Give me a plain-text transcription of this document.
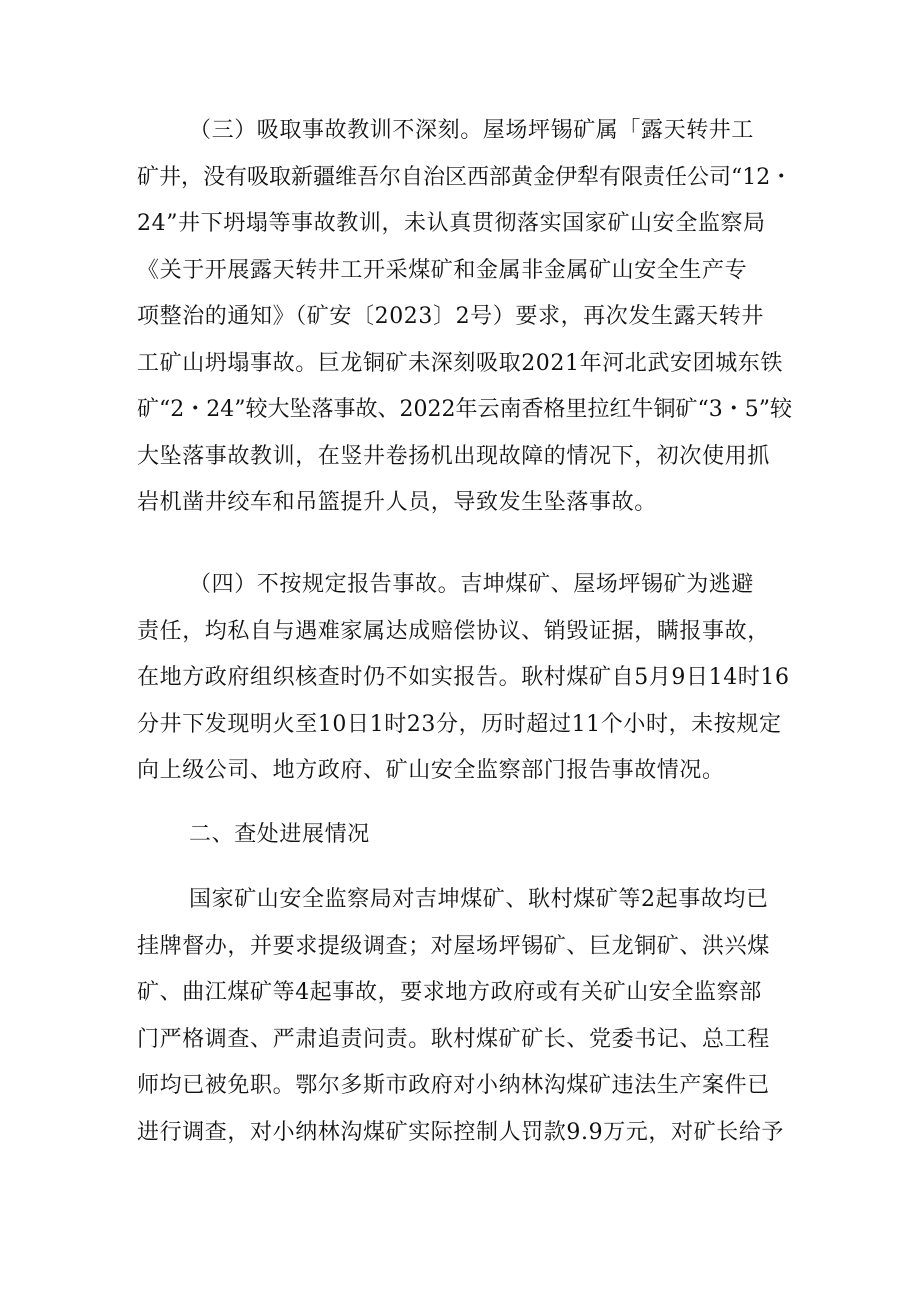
（三）吸取事故教训不深刻。屋场坪锡矿属「露天转井工
矿井，没有吸取新疆维吾尔自治区西部黄金伊犁有限责任公司“12・
24”井下坍塌等事故教训，未认真贯彻落实国家矿山安全监察局
《关于开展露天转井工开采煤矿和金属非金属矿山安全生产专
项整治的通知》（矿安〔2023〕2号）要求，再次发生露天转井
工矿山坍塌事故。巨龙铜矿未深刻吸取2021年河北武安团城东铁
矿“2・24”较大坠落事故、2022年云南香格里拉红牛铜矿“3・5”较
大坠落事故教训，在竖井卷扬机出现故障的情况下，初次使用抓
岩机凿井绞车和吊篮提升人员，导致发生坠落事故。
（四）不按规定报告事故。吉坤煤矿、屋场坪锡矿为逃避
责任，均私自与遇难家属达成赔偿协议、销毁证据，瞒报事故，
在地方政府组织核查时仍不如实报告。耿村煤矿自5月9日14时16
分井下发现明火至10日1时23分，历时超过11个小时，未按规定
向上级公司、地方政府、矿山安全监察部门报告事故情况。
二、查处进展情况
国家矿山安全监察局对吉坤煤矿、耿村煤矿等2起事故均已
挂牌督办，并要求提级调查；对屋场坪锡矿、巨龙铜矿、洪兴煤
矿、曲江煤矿等4起事故，要求地方政府或有关矿山安全监察部
门严格调查、严肃追责问责。耿村煤矿矿长、党委书记、总工程
师均已被免职。鄂尔多斯市政府对小纳林沟煤矿违法生产案件已
进行调查，对小纳林沟煤矿实际控制人罚款9.9万元，对矿长给予
